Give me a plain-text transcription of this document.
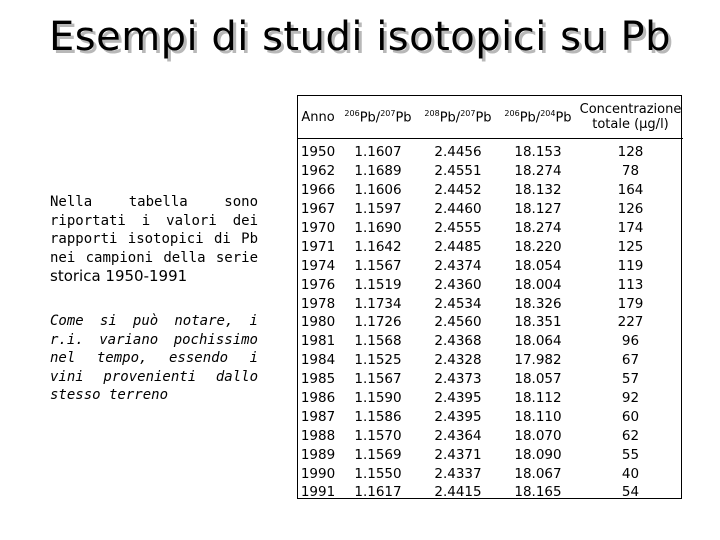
Esempi di studi isotopici su Pb
Nella tabella sono riportati i valori dei rapporti isotopici di Pb nei campioni della serie storica 1950-1991
Come si può notare, i r.i. variano pochissimo nel tempo, essendo i vini provenienti dallo stesso terreno
Anno	$^{206}$Pb/$^{207}$Pb	$^{208}$Pb/$^{207}$Pb	$^{206}$Pb/$^{204}$Pb	Concentrazione
totale (µg/l)
1950	1.1607	2.4456	18.153	128
1962	1.1689	2.4551	18.274	78
1966	1.1606	2.4452	18.132	164
1967	1.1597	2.4460	18.127	126
1970	1.1690	2.4555	18.274	174
1971	1.1642	2.4485	18.220	125
1974	1.1567	2.4374	18.054	119
1976	1.1519	2.4360	18.004	113
1978	1.1734	2.4534	18.326	179
1980	1.1726	2.4560	18.351	227
1981	1.1568	2.4368	18.064	96
1984	1.1525	2.4328	17.982	67
1985	1.1567	2.4373	18.057	57
1986	1.1590	2.4395	18.112	92
1987	1.1586	2.4395	18.110	60
1988	1.1570	2.4364	18.070	62
1989	1.1569	2.4371	18.090	55
1990	1.1550	2.4337	18.067	40
1991	1.1617	2.4415	18.165	54
